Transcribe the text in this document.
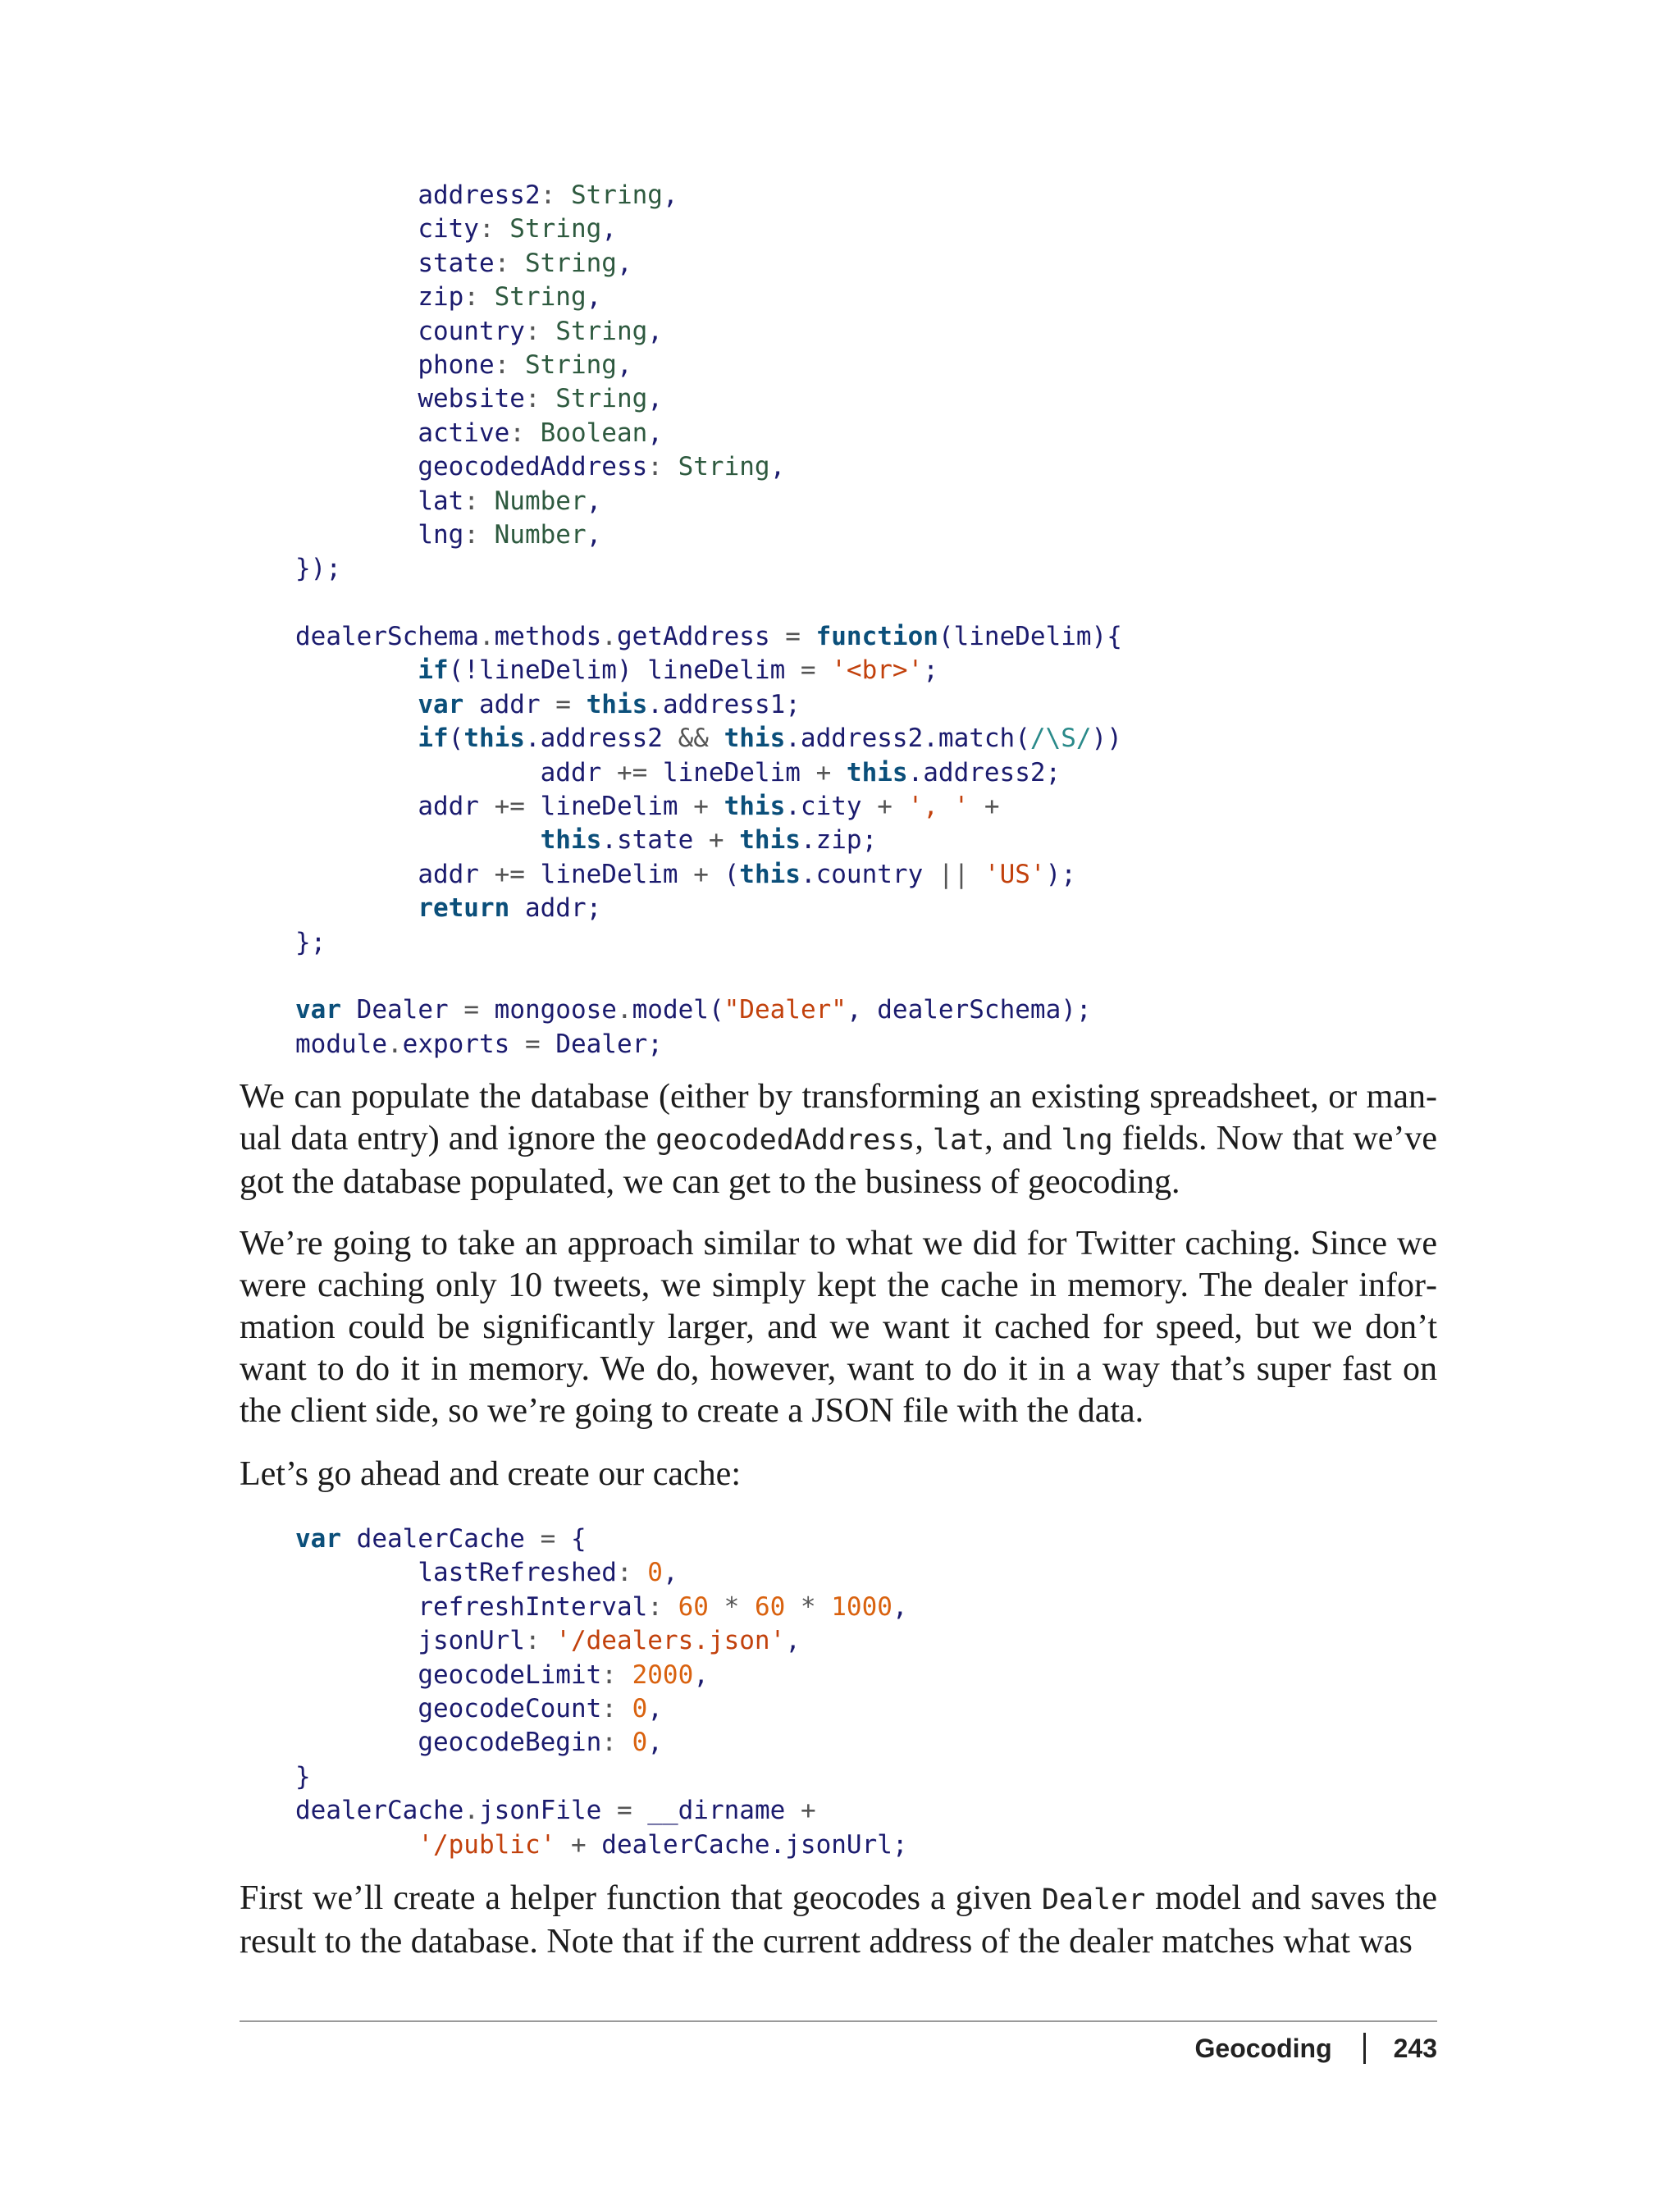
address2: String,
city: String,
state: String,
zip: String,
country: String,
phone: String,
website: String,
active: Boolean,
geocodedAddress: String,
lat: Number,
lng: Number,
});

dealerSchema.methods.getAddress = function(lineDelim){
if(!lineDelim) lineDelim = '<br>';
var addr = this.address1;
if(this.address2 && this.address2.match(/\S/))
addr += lineDelim + this.address2;
addr += lineDelim + this.city + ', ' +
this.state + this.zip;
addr += lineDelim + (this.country || 'US');
return addr;
};

var Dealer = mongoose.model("Dealer", dealerSchema);
module.exports = Dealer;

We can populate the database (either by transforming an existing spreadsheet, or manual data entry) and ignore the geocodedAddress, lat, and lng fields. Now that we’ve got the database populated, we can get to the business of geocoding.

We’re going to take an approach similar to what we did for Twitter caching. Since we were caching only 10 tweets, we simply kept the cache in memory. The dealer information could be significantly larger, and we want it cached for speed, but we don’t want to do it in memory. We do, however, want to do it in a way that’s super fast on the client side, so we’re going to create a JSON file with the data.

Let’s go ahead and create our cache:

var dealerCache = {
lastRefreshed: 0,
refreshInterval: 60 * 60 * 1000,
jsonUrl: '/dealers.json',
geocodeLimit: 2000,
geocodeCount: 0,
geocodeBegin: 0,
}
dealerCache.jsonFile = __dirname +
'/public' + dealerCache.jsonUrl;

First we’ll create a helper function that geocodes a given Dealer model and saves the result to the database. Note that if the current address of the dealer matches what was

Geocoding 243
